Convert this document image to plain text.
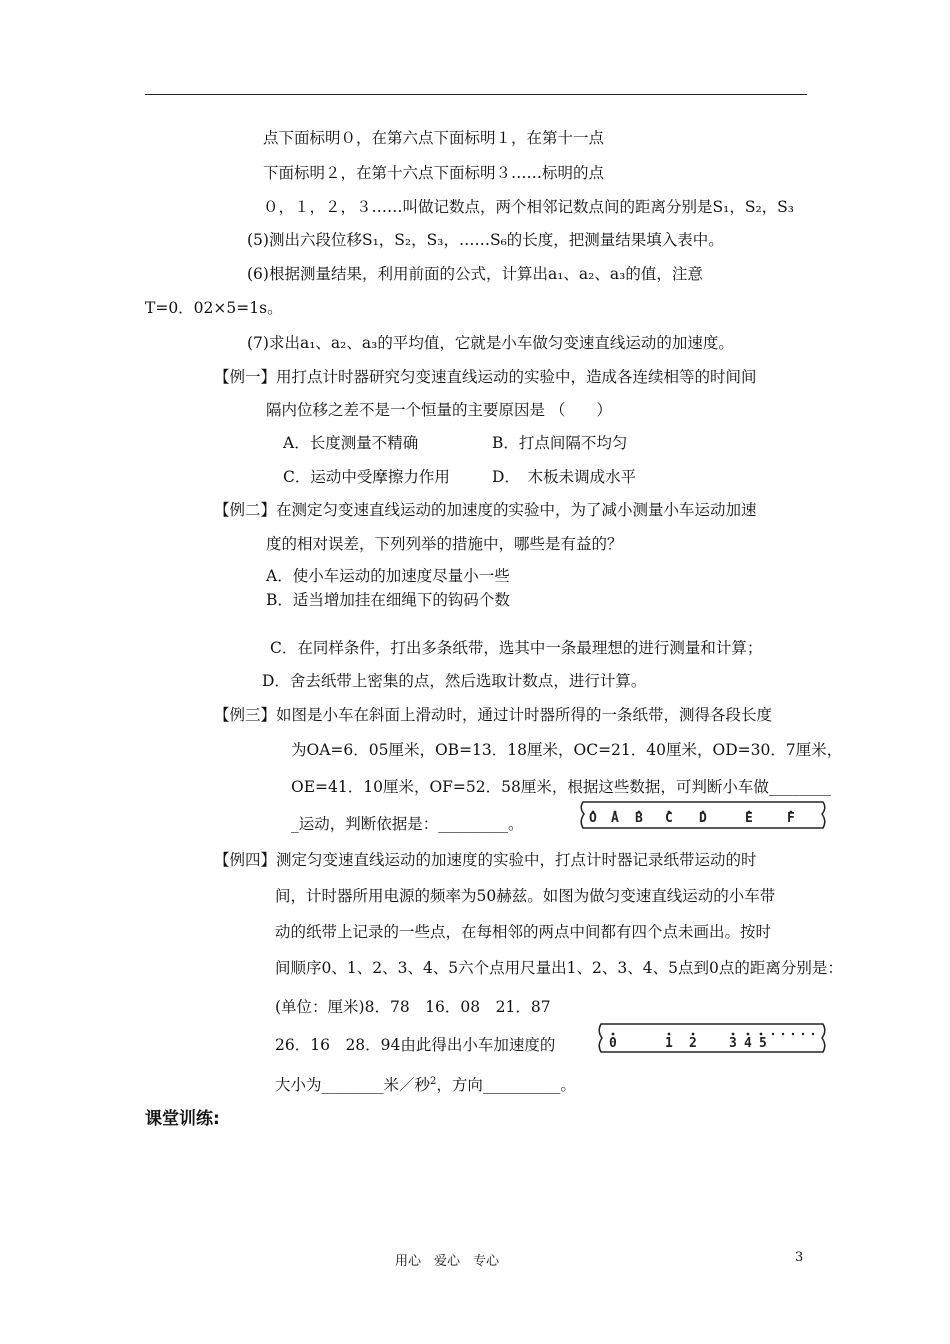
点下面标明０，在第六点下面标明１，在第十一点
下面标明２，在第十六点下面标明３……标明的点
０，１，２，３……叫做记数点，两个相邻记数点间的距离分别是S₁，S₂，S₃
(5)测出六段位移S₁，S₂，S₃，……S₆的长度，把测量结果填入表中。
(6)根据测量结果，利用前面的公式，计算出a₁、a₂、a₃的值，注意
T=0．02×5=1s。
(7)求出a₁、a₂、a₃的平均值，它就是小车做匀变速直线运动的加速度。
【例一】用打点计时器研究匀变速直线运动的实验中，造成各连续相等的时间间
隔内位移之差不是一个恒量的主要原因是 （　　）
A．长度测量不精确	B．打点间隔不均匀
C．运动中受摩擦力作用	D．　木板未调成水平
【例二】在测定匀变速直线运动的加速度的实验中，为了减小测量小车运动加速
度的相对误差，下列列举的措施中，哪些是有益的？
A．使小车运动的加速度尽量小一些
B．适当增加挂在细绳下的钩码个数
C．在同样条件，打出多条纸带，选其中一条最理想的进行测量和计算；
D．舍去纸带上密集的点，然后选取计数点，进行计算。
【例三】如图是小车在斜面上滑动时，通过计时器所得的一条纸带，测得各段长度
为OA=6．05厘米，OB=13．18厘米，OC=21．40厘米，OD=30．7厘米，
OE=41．10厘米，OF=52．58厘米，根据这些数据，可判断小车做________
_运动，判断依据是：_________。	O A B C D	E	F
【例四】测定匀变速直线运动的加速度的实验中，打点计时器记录纸带运动的时
间，计时器所用电源的频率为50赫兹。如图为做匀变速直线运动的小车带
动的纸带上记录的一些点，在每相邻的两点中间都有四个点未画出。按时
间顺序0、1、2、3、4、5六个点用尺量出1、2、3、4、5点到0点的距离分别是：
(单位：厘米)8．78　16．08　21．87
26．16　28．94由此得出小车加速度的
大小为________米／秒$^2$，方向__________。
0	1 2 3 4 5
课堂训练:
用心　爱心　专心	3
